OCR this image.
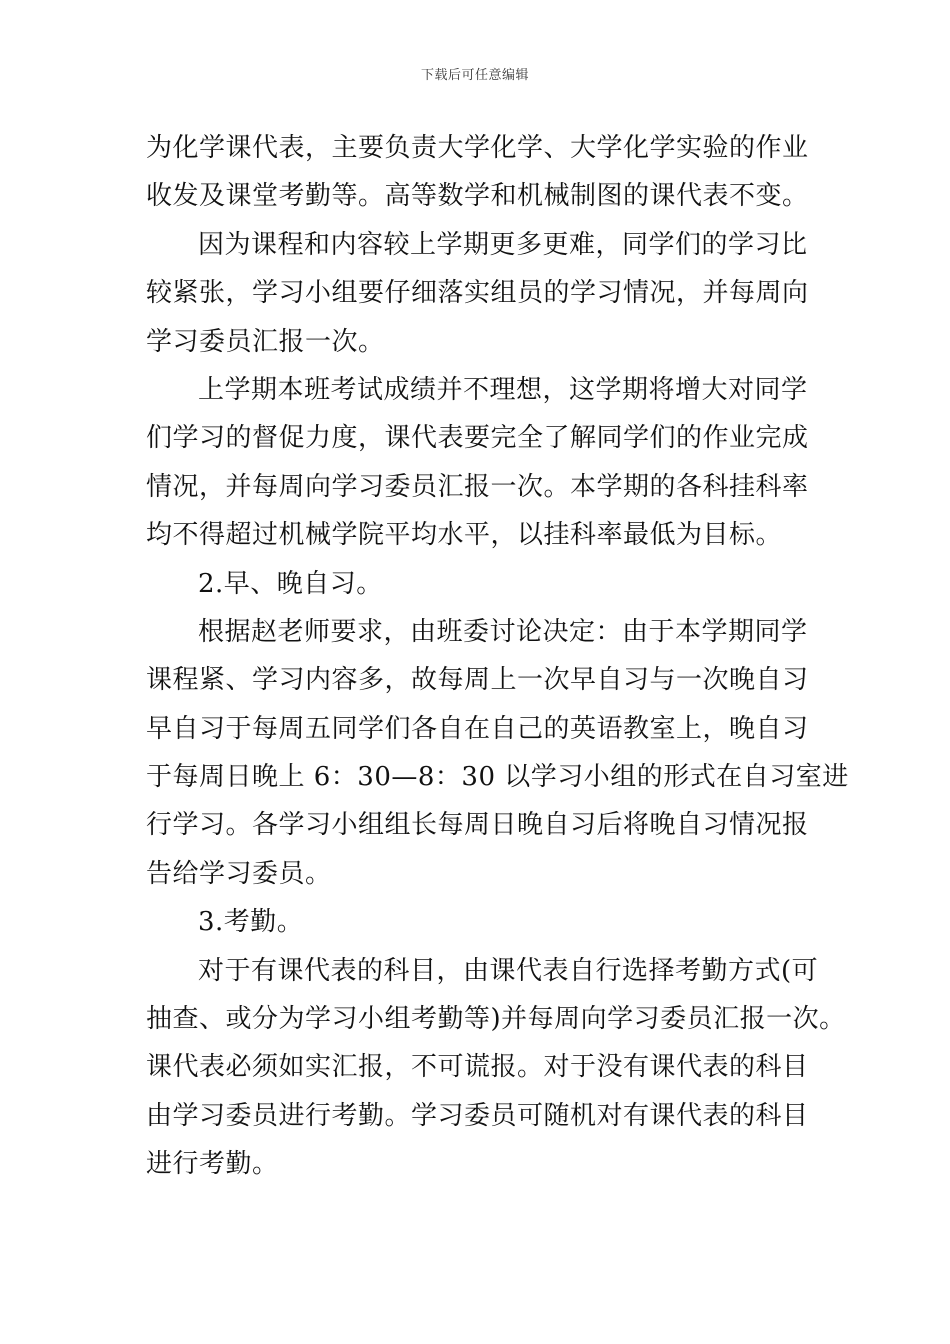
下载后可任意编辑
为化学课代表，主要负责大学化学、大学化学实验的作业
收发及课堂考勤等。高等数学和机械制图的课代表不变。
因为课程和内容较上学期更多更难，同学们的学习比
较紧张，学习小组要仔细落实组员的学习情况，并每周向
学习委员汇报一次。
上学期本班考试成绩并不理想，这学期将增大对同学
们学习的督促力度，课代表要完全了解同学们的作业完成
情况，并每周向学习委员汇报一次。本学期的各科挂科率
均不得超过机械学院平均水平，以挂科率最低为目标。
2.早、晚自习。
根据赵老师要求，由班委讨论决定：由于本学期同学
课程紧、学习内容多，故每周上一次早自习与一次晚自习
早自习于每周五同学们各自在自己的英语教室上，晚自习
于每周日晚上 6：30—8：30 以学习小组的形式在自习室进
行学习。各学习小组组长每周日晚自习后将晚自习情况报
告给学习委员。
3.考勤。
对于有课代表的科目，由课代表自行选择考勤方式(可
抽查、或分为学习小组考勤等)并每周向学习委员汇报一次。
课代表必须如实汇报，不可谎报。对于没有课代表的科目
由学习委员进行考勤。学习委员可随机对有课代表的科目
进行考勤。
